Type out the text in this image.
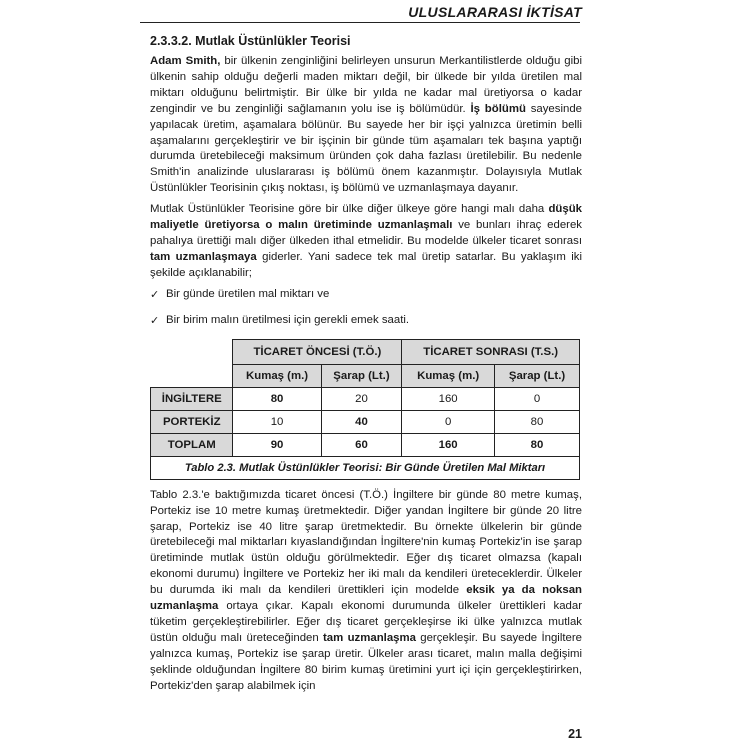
ULUSLARARASI İKTİSAT
2.3.3.2. Mutlak Üstünlükler Teorisi

Adam Smith, bir ülkenin zenginliğini belirleyen unsurun Merkantilistlerde olduğu gibi ülkenin sahip olduğu değerli maden miktarı değil, bir ülkede bir yılda üretilen mal miktarı olduğunu belirtmiştir. Bir ülke bir yılda ne kadar mal üretiyorsa o kadar zengindir ve bu zenginliği sağlamanın yolu ise iş bölümüdür. İş bölümü sayesinde yapılacak üretim, aşamalara bölünür. Bu sayede her bir işçi yalnızca üretimin belli aşamalarını gerçekleştirir ve bir işçinin bir günde tüm aşamaları tek başına yaptığı durumda üretebileceği maksimum üründen çok daha fazlası üretilebilir. Bu nedenle Smith'in analizinde uluslararası iş bölümü önem kazanmıştır. Dolayısıyla Mutlak Üstünlükler Teorisinin çıkış noktası, iş bölümü ve uzmanlaşmaya dayanır.

Mutlak Üstünlükler Teorisine göre bir ülke diğer ülkeye göre hangi malı daha düşük maliyetle üretiyorsa o malın üretiminde uzmanlaşmalı ve bunları ihraç ederek pahalıya ürettiği malı diğer ülkeden ithal etmelidir. Bu modelde ülkeler ticaret sonrası tam uzmanlaşmaya giderler. Yani sadece tek mal üretip satarlar. Bu yaklaşım iki şekilde açıklanabilir;

✓ Bir günde üretilen mal miktarı ve
✓ Bir birim malın üretilmesi için gerekli emek saati.
	TİCARET ÖNCESİ (T.Ö.)		TİCARET SONRASI (T.S.)	
	Kumaş (m.)	Şarap (Lt.)	Kumaş (m.)	Şarap (Lt.)
İNGİLTERE	80	20	160	0
PORTEKİZ	10	40	0	80
TOPLAM	90	60	160	80
Tablo 2.3. Mutlak Üstünlükler Teorisi: Bir Günde Üretilen Mal Miktarı				

Tablo 2.3.'e baktığımızda ticaret öncesi (T.Ö.) İngiltere bir günde 80 metre kumaş, Portekiz ise 10 metre kumaş üretmektedir. Diğer yandan İngiltere bir günde 20 litre şarap, Portekiz ise 40 litre şarap üretmektedir. Bu örnekte ülkelerin bir günde üretebileceği mal miktarları kıyaslandığından İngiltere'nin kumaş Portekiz'in ise şarap üretiminde mutlak üstün olduğu görülmektedir. Eğer dış ticaret olmazsa (kapalı ekonomi durumu) İngiltere ve Portekiz her iki malı da kendileri üreteceklerdir. Ülkeler bu durumda iki malı da kendileri ürettikleri için modelde eksik ya da noksan uzmanlaşma ortaya çıkar. Kapalı ekonomi durumunda ülkeler ürettikleri kadar tüketim gerçekleştirebilirler. Eğer dış ticaret gerçekleşirse iki ülke yalnızca mutlak üstün olduğu malı üreteceğinden tam uzmanlaşma gerçekleşir. Bu sayede İngiltere yalnızca kumaş, Portekiz ise şarap üretir. Ülkeler arası ticaret, malın malla değişimi şeklinde olduğundan İngiltere 80 birim kumaş üretimini yurt içi için gerçekleştirirken, Portekiz'den şarap alabilmek için

21
